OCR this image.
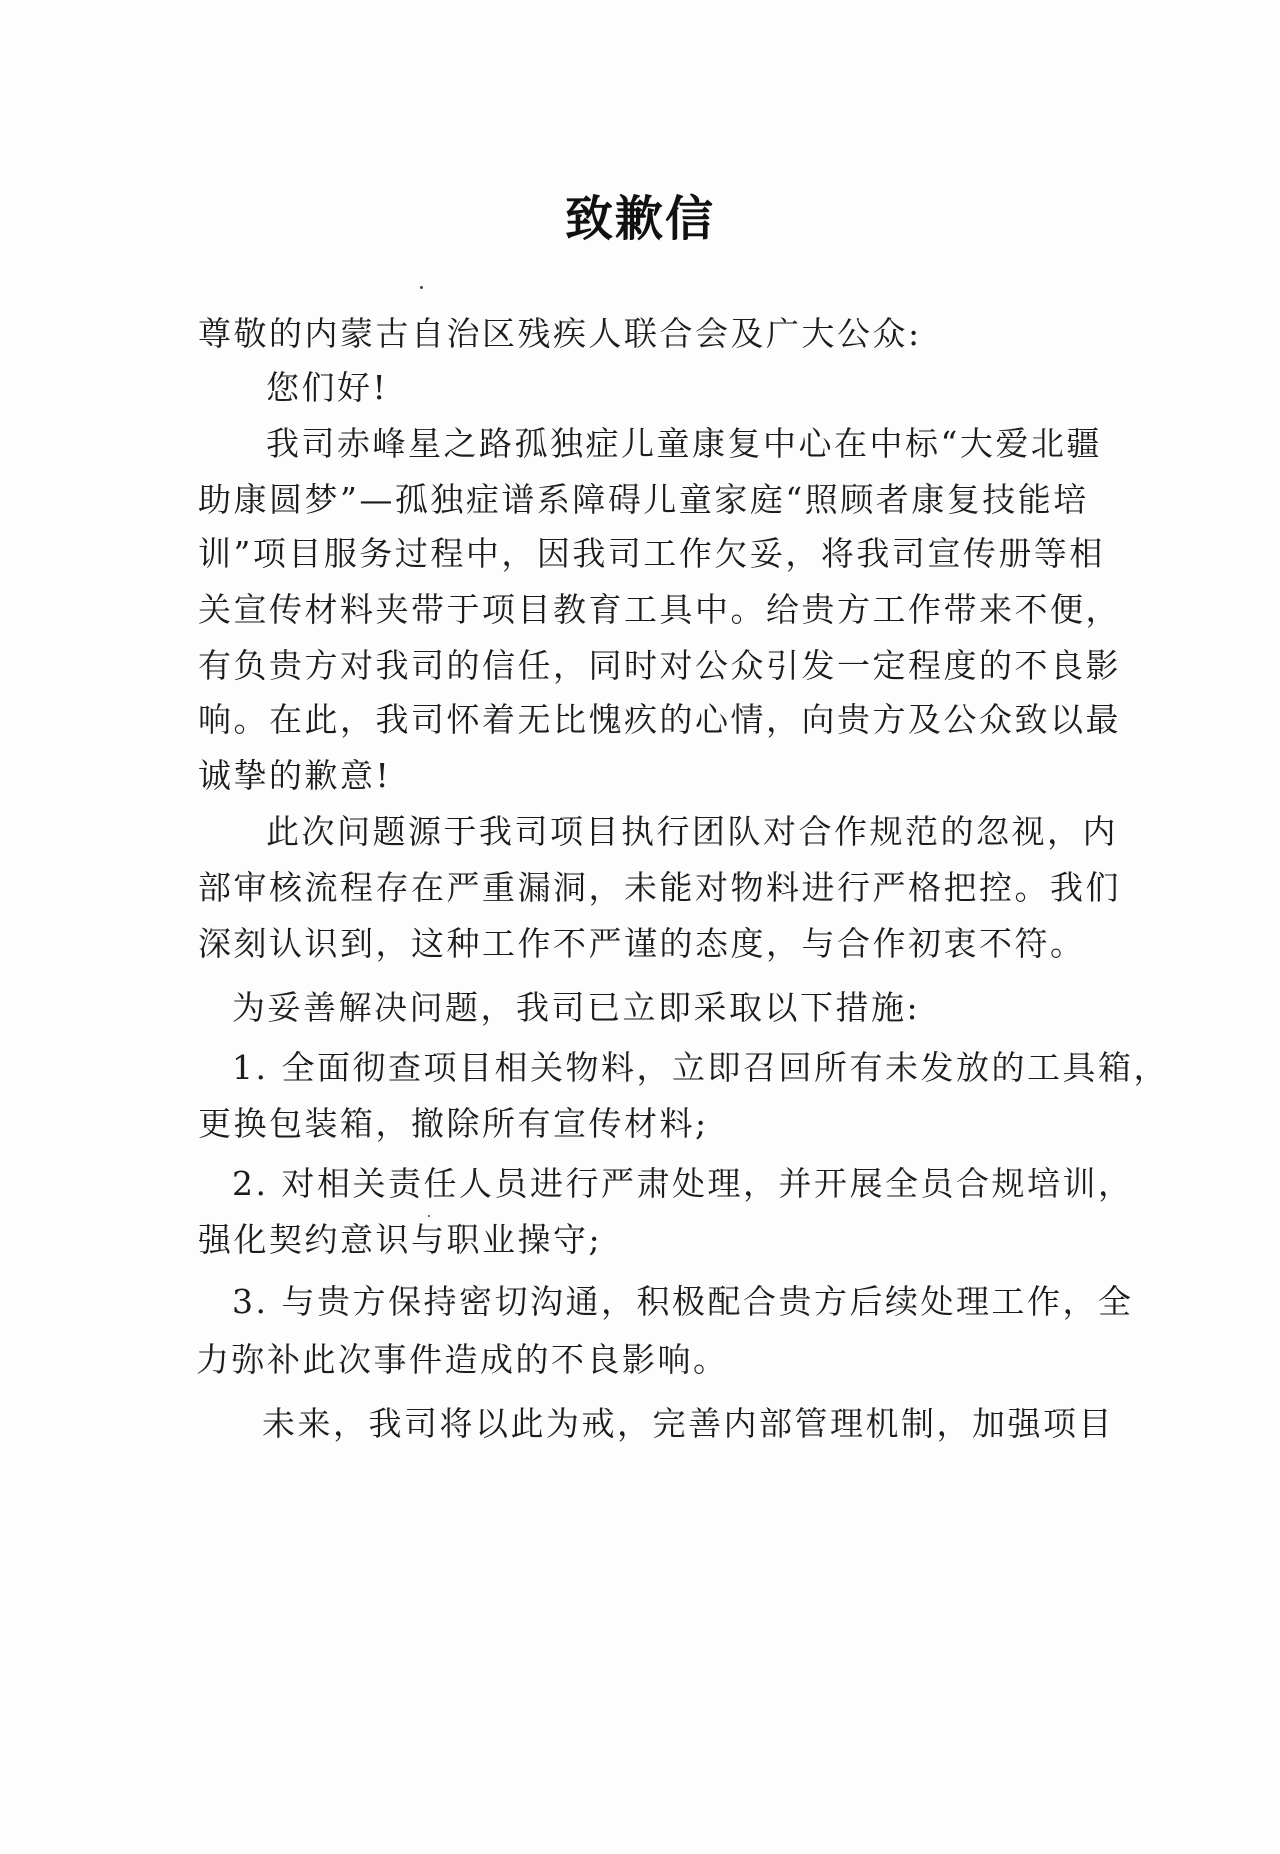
致歉信
尊敬的内蒙古自治区残疾人联合会及广大公众:
您们好!
我司赤峰星之路孤独症儿童康复中心在中标“大爱北疆
助康圆梦”—孤独症谱系障碍儿童家庭“照顾者康复技能培
训”项目服务过程中，因我司工作欠妥，将我司宣传册等相
关宣传材料夹带于项目教育工具中。给贵方工作带来不便，
有负贵方对我司的信任，同时对公众引发一定程度的不良影
响。在此，我司怀着无比愧疚的心情，向贵方及公众致以最
诚挚的歉意!
此次问题源于我司项目执行团队对合作规范的忽视，内
部审核流程存在严重漏洞，未能对物料进行严格把控。我们
深刻认识到，这种工作不严谨的态度，与合作初衷不符。
为妥善解决问题，我司已立即采取以下措施:
1. 全面彻查项目相关物料，立即召回所有未发放的工具箱，
更换包装箱，撤除所有宣传材料;
2. 对相关责任人员进行严肃处理，并开展全员合规培训，
强化契约意识与职业操守;
3. 与贵方保持密切沟通，积极配合贵方后续处理工作，全
力弥补此次事件造成的不良影响。
未来，我司将以此为戒，完善内部管理机制，加强项目
